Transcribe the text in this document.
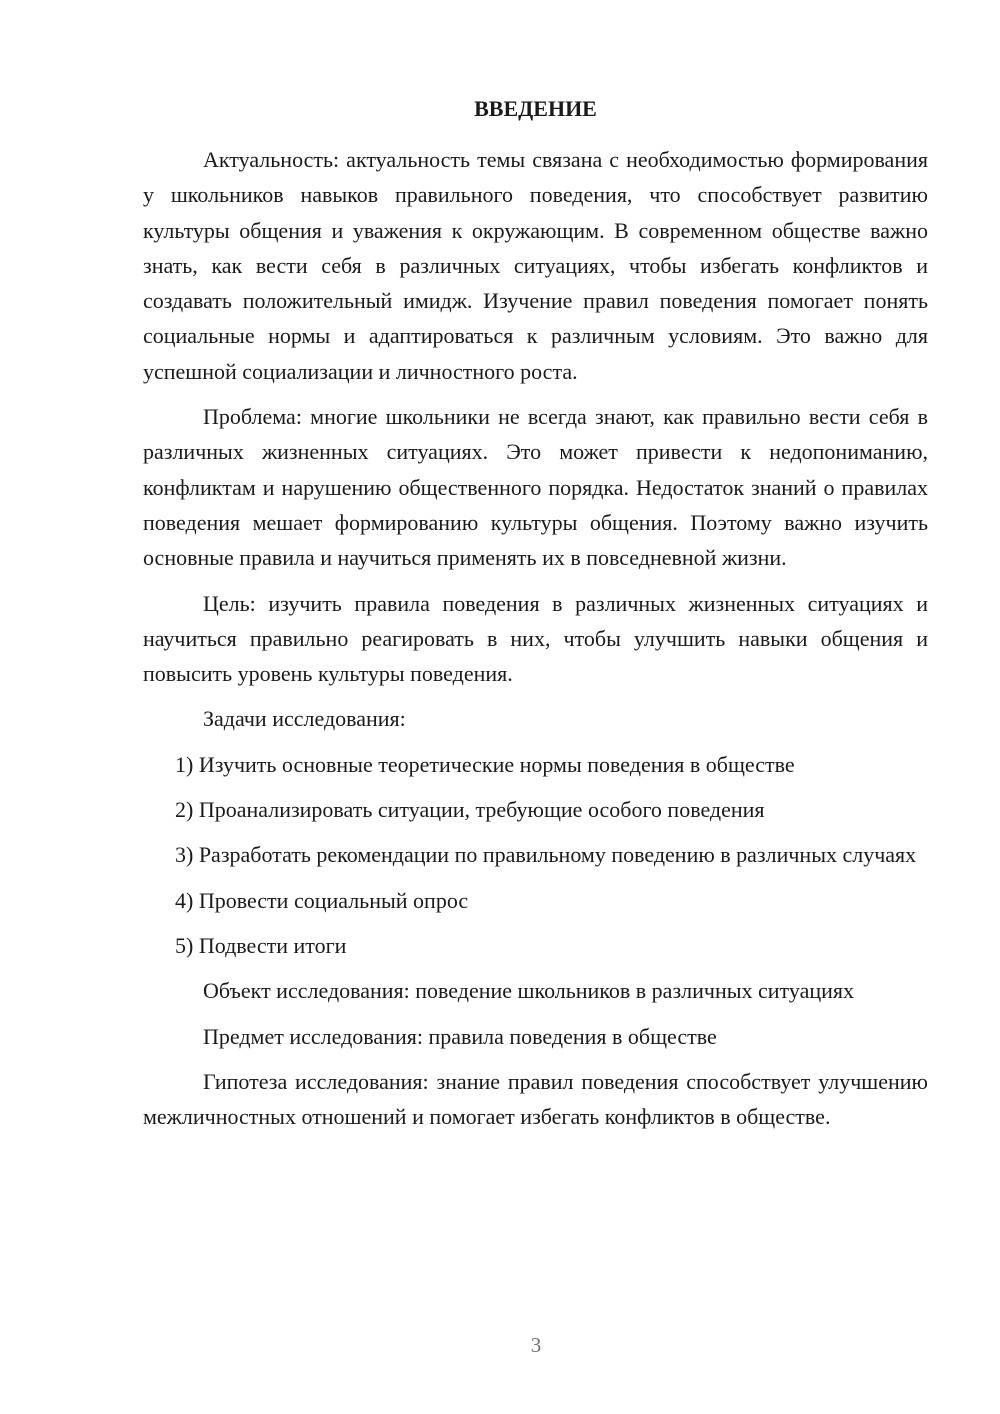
ВВЕДЕНИЕ

Актуальность: актуальность темы связана с необходимостью формирования у школьников навыков правильного поведения, что способствует развитию культуры общения и уважения к окружающим. В современном обществе важно знать, как вести себя в различных ситуациях, чтобы избегать конфликтов и создавать положительный имидж. Изучение правил поведения помогает понять социальные нормы и адаптироваться к различным условиям. Это важно для успешной социализации и личностного роста.

Проблема: многие школьники не всегда знают, как правильно вести себя в различных жизненных ситуациях. Это может привести к недопониманию, конфликтам и нарушению общественного порядка. Недостаток знаний о правилах поведения мешает формированию культуры общения. Поэтому важно изучить основные правила и научиться применять их в повседневной жизни.

Цель: изучить правила поведения в различных жизненных ситуациях и научиться правильно реагировать в них, чтобы улучшить навыки общения и повысить уровень культуры поведения.

Задачи исследования:

1) Изучить основные теоретические нормы поведения в обществе

2) Проанализировать ситуации, требующие особого поведения

3) Разработать рекомендации по правильному поведению в различных случаях

4) Провести социальный опрос

5) Подвести итоги

Объект исследования: поведение школьников в различных ситуациях

Предмет исследования: правила поведения в обществе

Гипотеза исследования: знание правил поведения способствует улучшению межличностных отношений и помогает избегать конфликтов в обществе.

3
